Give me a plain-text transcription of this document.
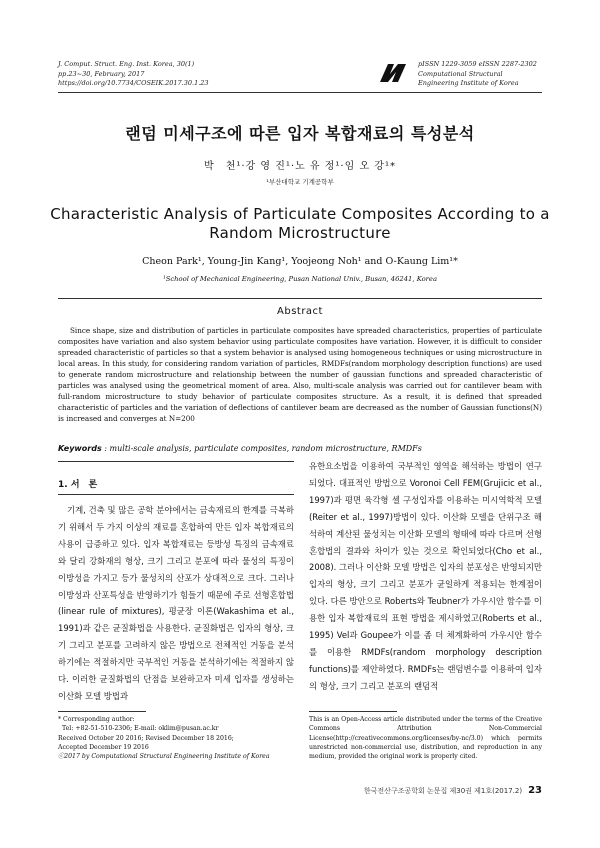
J. Comput. Struct. Eng. Inst. Korea, 30(1)
pp.23~30, February, 2017
https://doi.org/10.7734/COSEIK.2017.30.1.23
pISSN 1229-3059 eISSN 2287-2302
Computational Structural
Engineering Institute of Korea
랜덤 미세구조에 따른 입자 복합재료의 특성분석
박　천¹·강 영 진¹·노 유 정¹·임 오 강¹*
¹부산대학교 기계공학부
Characteristic Analysis of Particulate Composites According to a Random Microstructure
Cheon Park¹, Young-Jin Kang¹, Yoojeong Noh¹ and O-Kaung Lim¹*
¹School of Mechanical Engineering, Pusan National Univ., Busan, 46241, Korea
Abstract
Since shape, size and distribution of particles in particulate composites have spreaded characteristics, properties of particulate composites have variation and also system behavior using particulate composites have variation. However, it is difficult to consider spreaded characteristic of particles so that a system behavior is analysed using homogeneous techniques or using microstructure in local areas. In this study, for considering random variation of particles, RMDFs(random morphology description functions) are used to generate random microstructure and relationship between the number of gaussian functions and spreaded characteristic of particles was analysed using the geometrical moment of area. Also, multi-scale analysis was carried out for cantilever beam with full-random microstructure to study behavior of particulate composites structure. As a result, it is defined that spreaded characteristic of particles and the variation of deflections of cantilever beam are decreased as the number of Gaussian functions(N) is increased and converges at N=200
Keywords : multi-scale analysis, particulate composites, random microstructure, RMDFs
1. 서　론
기계, 건축 및 많은 공학 분야에서는 금속재료의 한계를 극복하기 위해서 두 가지 이상의 재료를 혼합하여 만든 입자 복합재료의 사용이 급증하고 있다. 입자 복합재료는 등방성 특징의 금속재료와 달리 강화재의 형상, 크기 그리고 분포에 따라 물성의 특징이 이방성을 가지고 등가 물성치의 산포가 상대적으로 크다. 그러나 이방성과 산포특성을 반영하기가 힘들기 때문에 주로 선형혼합법(linear rule of mixtures), 평균장 이론(Wakashima et al., 1991)과 같은 균질화법을 사용한다. 균질화법은 입자의 형상, 크기 그리고 분포를 고려하지 않은 방법으로 전체적인 거동을 분석하기에는 적절하지만 국부적인 거동을 분석하기에는 적절하지 않다. 이러한 균질화법의 단점을 보완하고자 미세 입자를 생성하는 이산화 모델 방법과
유한요소법을 이용하여 국부적인 영역을 해석하는 방법이 연구되었다. 대표적인 방법으로 Voronoi Cell FEM(Grujicic et al., 1997)과 평면 육각형 셀 구성입자를 이용하는 미시역학적 모델(Reiter et al., 1997)방법이 있다. 이산화 모델을 단위구조 해석하여 계산된 물성치는 이산화 모델의 형태에 따라 다르며 선형혼합법의 결과와 차이가 있는 것으로 확인되었다(Cho et al., 2008). 그러나 이산화 모델 방법은 입자의 분포성은 반영되지만 입자의 형상, 크기 그리고 분포가 균일하게 적용되는 한계점이 있다. 다른 방안으로 Roberts와 Teubner가 가우시안 함수를 이용한 입자 복합재료의 표현 방법을 제시하였고(Roberts et al., 1995) Vel과 Goupee가 이를 좀 더 체계화하여 가우시안 함수를 이용한 RMDFs(random morphology description functions)를 제안하였다. RMDFs는 랜덤변수를 이용하여 입자의 형상, 크기 그리고 분포의 랜덤적
* Corresponding author:
Tel: +82-51-510-2306; E-mail: oklim@pusan.ac.kr
Received October 20 2016; Revised December 18 2016;
Accepted December 19 2016
ⓒ2017 by Computational Structural Engineering Institute of Korea
This is an Open-Access article distributed under the terms of the Creative Commons Attribution Non-Commercial License(http://creativecommons.org/licenses/by-nc/3.0) which permits unrestricted non-commercial use, distribution, and reproduction in any medium, provided the original work is properly cited.
한국전산구조공학회 논문집 제30권 제1호(2017.2) 23
